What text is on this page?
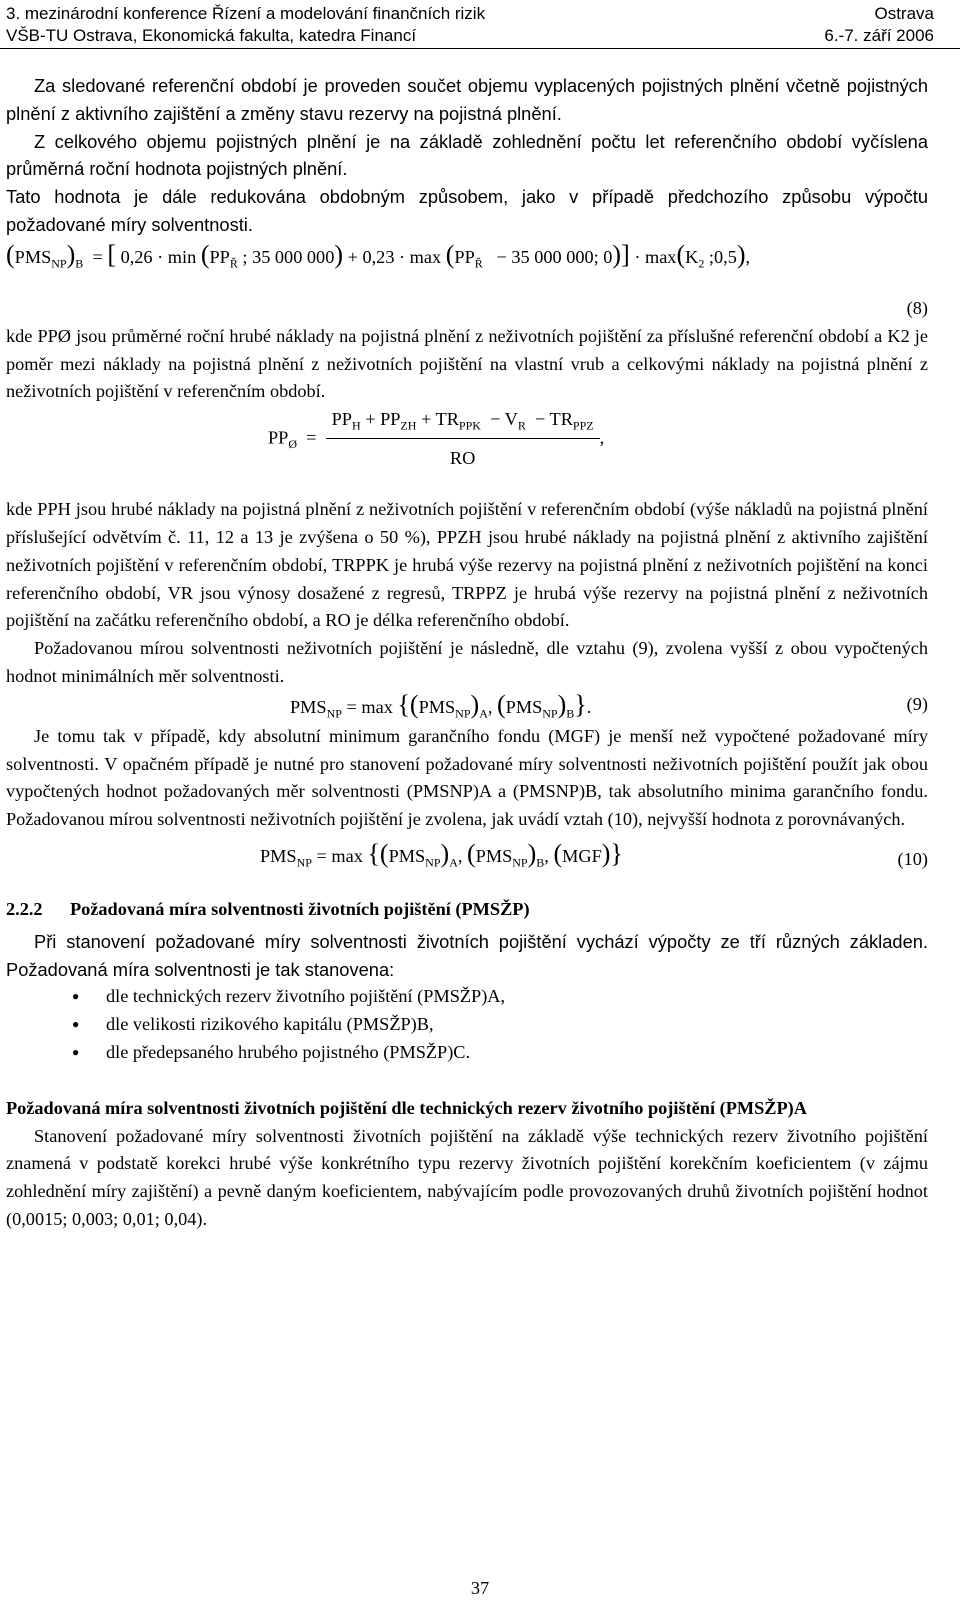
3. mezinárodní konference Řízení a modelování finančních rizik	Ostrava
VŠB-TU Ostrava, Ekonomická fakulta, katedra Financí	6.-7. září 2006

Za sledované referenční období je proveden součet objemu vyplacených pojistných plnění včetně pojistných plnění z aktivního zajištění a změny stavu rezervy na pojistná plnění.

Z celkového objemu pojistných plnění je na základě zohlednění počtu let referenčního období vyčíslena průměrná roční hodnota pojistných plnění.

Tato hodnota je dále redukována obdobným způsobem, jako v případě předchozího způsobu výpočtu požadované míry solventnosti.

$(PMS_{NP})_B$  = [ $0,26 \cdot \min (PP_Ř$ ; 35 000 $000) + 0,23 \cdot \max (PP_Ř - 35$ 000 000; $0)] \cdot \max(K_2$ ;0,5),
(8)

kde PPØ jsou průměrné roční hrubé náklady na pojistná plnění z neživotních pojištění za příslušné referenční období a K2 je poměr mezi náklady na pojistná plnění z neživotních pojištění na vlastní vrub a celkovými náklady na pojistná plnění z neživotních pojištění v referenčním období.

$PP_Ø = \frac{PP_H + PP_{ZH} + TR_{PPK} - V_R - TR_{PPZ}}{RO}$ ,

kde PPH jsou hrubé náklady na pojistná plnění z neživotních pojištění v referenčním období (výše nákladů na pojistná plnění příslušející odvětvím č. 11, 12 a 13 je zvýšena o 50 %), PPZH jsou hrubé náklady na pojistná plnění z aktivního zajištění neživotních pojištění v referenčním období, TRPPK je hrubá výše rezervy na pojistná plnění z neživotních pojištění na konci referenčního období, VR jsou výnosy dosažené z regresů, TRPPZ je hrubá výše rezervy na pojistná plnění z neživotních pojištění na začátku referenčního období, a RO je délka referenčního období.

Požadovanou mírou solventnosti neživotních pojištění je následně, dle vztahu (9), zvolena vyšší z obou vypočtených hodnot minimálních měr solventnosti.

$PMS_{NP} = \max \{(PMS_{NP})_A$, $(PMS_{NP})_B$}.	(9)

Je tomu tak v případě, kdy absolutní minimum garančního fondu (MGF) je menší než vypočtené požadované míry solventnosti. V opačném případě je nutné pro stanovení požadované míry solventnosti neživotních pojištění použít jak obou vypočtených hodnot požadovaných měr solventnosti (PMSNP)A a (PMSNP)B, tak absolutního minima garančního fondu. Požadovanou mírou solventnosti neživotních pojištění je zvolena, jak uvádí vztah (10), nejvyšší hodnota z porovnávaných.

$PMS_{NP} = \max \{(PMS_{NP})_A$, $(PMS_{NP})_B$, (MGF)}	(10)
2.2.2 Požadovaná míra solventnosti životních pojištění (PMSŽP)

Při stanovení požadované míry solventnosti životních pojištění vychází výpočty ze tří různých základen. Požadovaná míra solventnosti je tak stanovena:

● dle technických rezerv životního pojištění (PMSŽP)A,
● dle velikosti rizikového kapitálu (PMSŽP)B,
● dle předepsaného hrubého pojistného (PMSŽP)C.

Požadovaná míra solventnosti životních pojištění dle technických rezerv životního pojištění (PMSŽP)A

Stanovení požadované míry solventnosti životních pojištění na základě výše technických rezerv životního pojištění znamená v podstatě korekci hrubé výše konkrétního typu rezervy životních pojištění korekčním koeficientem (v zájmu zohlednění míry zajištění) a pevně daným koeficientem, nabývajícím podle provozovaných druhů životních pojištění hodnot (0,0015; 0,003; 0,01; 0,04).

37
